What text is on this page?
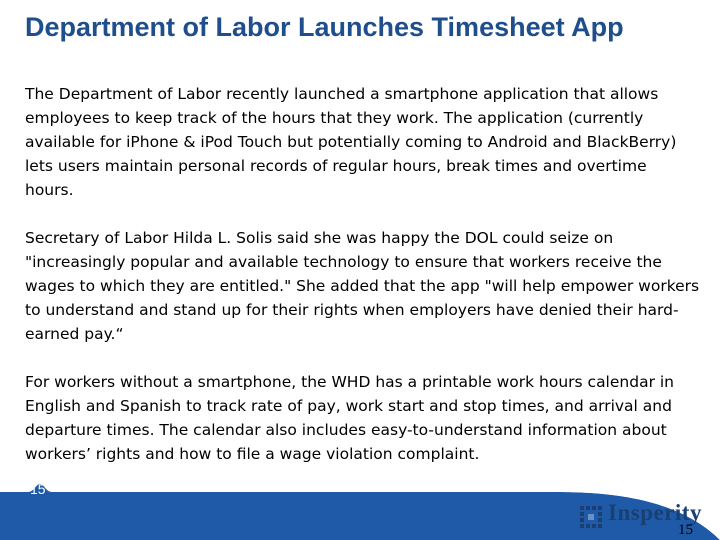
Department of Labor Launches Timesheet App

The Department of Labor recently launched a smartphone application that allows employees to keep track of the hours that they work. The application (currently available for iPhone & iPod Touch but potentially coming to Android and BlackBerry) lets users maintain personal records of regular hours, break times and overtime hours.

Secretary of Labor Hilda L. Solis said she was happy the DOL could seize on "increasingly popular and available technology to ensure that workers receive the wages to which they are entitled." She added that the app "will help empower workers to understand and stand up for their rights when employers have denied their hard-earned pay.“

For workers without a smartphone, the WHD has a printable work hours calendar in English and Spanish to track rate of pay, work start and stop times, and arrival and departure times. The calendar also includes easy-to-understand information about workers’ rights and how to file a wage violation complaint.

15
Insperity
15
